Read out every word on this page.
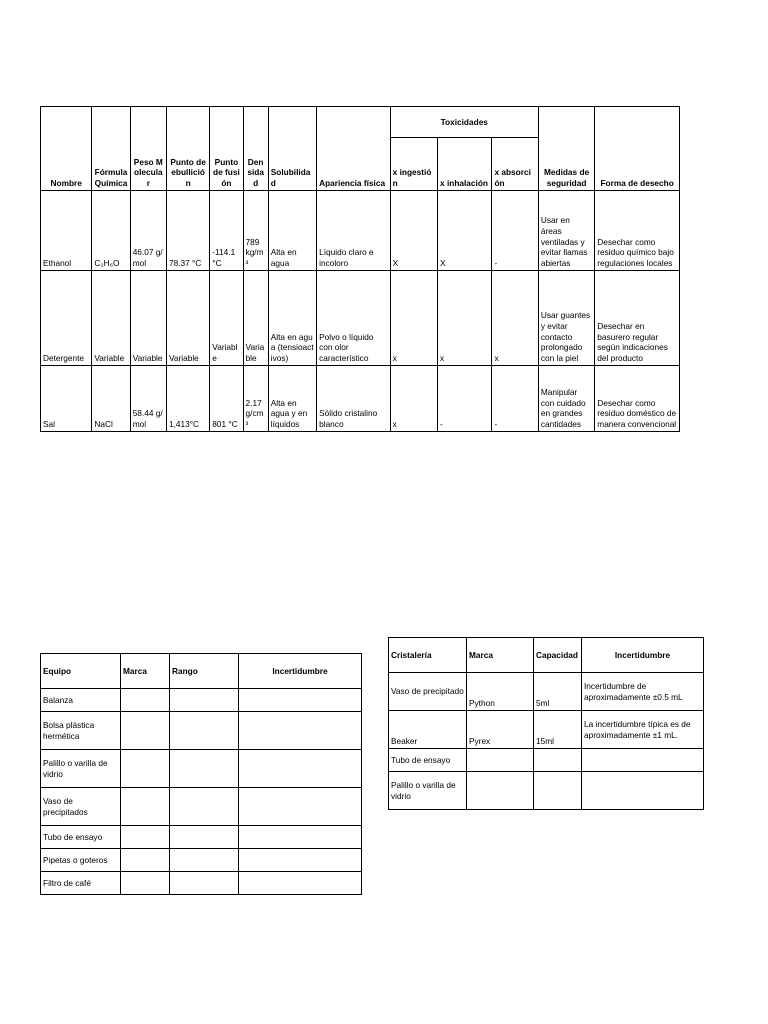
Nombre	Fórmula Química	Peso Molecular	Punto de ebullición	Punto de fusión	Densidad	Solubilidad	Apariencia física	Toxicidades			Medidas de seguridad	Forma de desecho
								x ingestión	x inhalación	x absorción		
Ethanol	C₂H₆O	46.07 g/mol	78.37 °C	-114.1 °C	789 kg/m³	Alta en agua	Líquido claro e incoloro	X	X	-	Usar en áreas ventiladas y evitar llamas abiertas	Desechar como residuo químico bajo regulaciones locales
Detergente	Variable	Variable	Variable	Variable	Variable	Alta en agua (tensioactivos)	Polvo o líquido con olor característico	x	x	x	Usar guantes y evitar contacto prolongado con la piel	Desechar en basurero regular según indicaciones del producto
Sal	NaCl	58.44 g/mol	1,413°C	801 °C	2.17 g/cm³	Alta en agua y en líquidos	Sólido cristalino blanco	x	-	-	Manipular con cuidado en grandes cantidades	Desechar como residuo doméstico de manera convencional
Equipo	Marca	Rango	Incertidumbre
Balanza			
Bolsa plástica hermética			
Palillo o varilla de vidrio			
Vaso de precipitados			
Tubo de ensayo			
Pipetas o goteros			
Filtro de café			
Cristalería	Marca	Capacidad	Incertidumbre
Vaso de precipitado	Python	5ml	Incertidumbre de aproximadamente ±0.5 mL
Beaker	Pyrex	15ml	La incertidumbre típica es de aproximadamente ±1 mL.
Tubo de ensayo			
Palillo o varilla de vidrio			
